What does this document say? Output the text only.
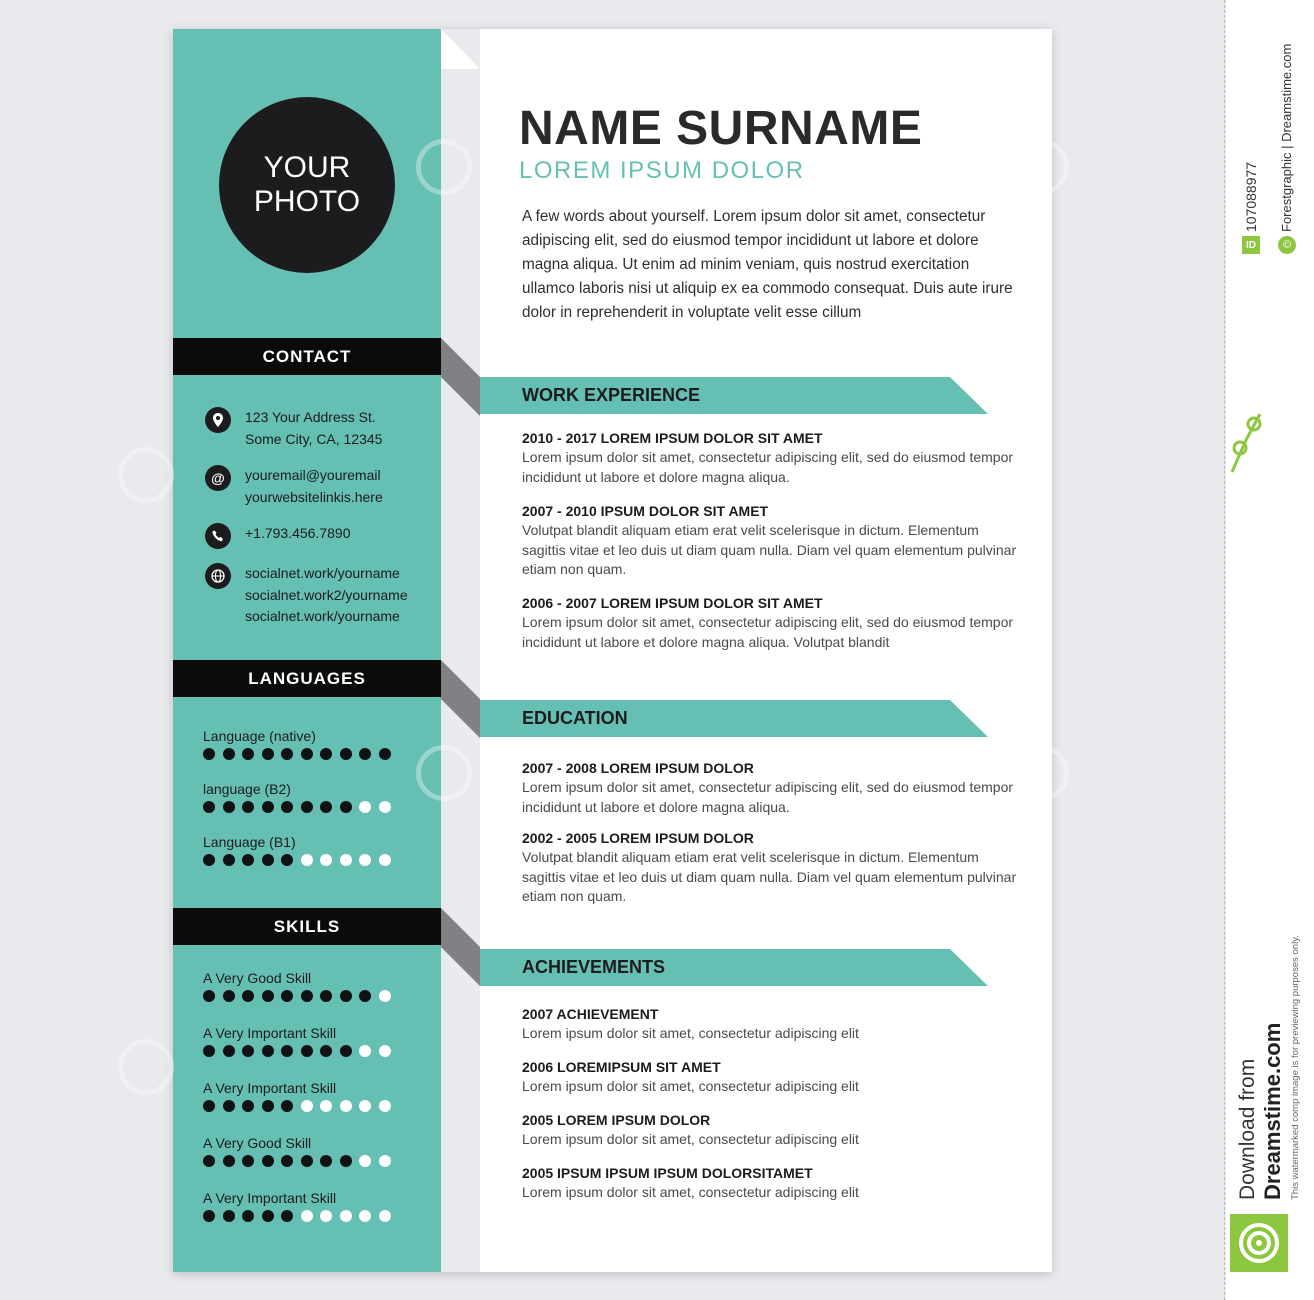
YOUR
PHOTO
CONTACT
123 Your Address St.
Some City, CA, 12345
@	youremail@youremail
yourwebsitelinkis.here
+1.793.456.7890
socialnet.work/yourname
socialnet.work2/yourname
socialnet.work/yourname
LANGUAGES
SKILLS
NAME SURNAME
LOREM IPSUM DOLOR
A few words about yourself. Lorem ipsum dolor sit amet, consectetur adipiscing elit, sed do eiusmod tempor incididunt ut labore et dolore magna aliqua. Ut enim ad minim veniam, quis nostrud exercitation ullamco laboris nisi ut aliquip ex ea commodo consequat. Duis aute irure dolor in reprehenderit in voluptate velit esse cillum
WORK EXPERIENCE
2010 - 2017 LOREM IPSUM DOLOR SIT AMET
Lorem ipsum dolor sit amet, consectetur adipiscing elit, sed do eiusmod tempor incididunt ut labore et dolore magna aliqua.
2007 - 2010 IPSUM DOLOR SIT AMET
Volutpat blandit aliquam etiam erat velit scelerisque in dictum. Elementum sagittis vitae et leo duis ut diam quam nulla. Diam vel quam elementum pulvinar etiam non quam.
2006 - 2007 LOREM IPSUM DOLOR SIT AMET
Lorem ipsum dolor sit amet, consectetur adipiscing elit, sed do eiusmod tempor incididunt ut labore et dolore magna aliqua. Volutpat blandit
EDUCATION
2007 - 2008 LOREM IPSUM DOLOR
Lorem ipsum dolor sit amet, consectetur adipiscing elit, sed do eiusmod tempor incididunt ut labore et dolore magna aliqua.
2002 - 2005 LOREM IPSUM DOLOR
Volutpat blandit aliquam etiam erat velit scelerisque in dictum. Elementum sagittis vitae et leo duis ut diam quam nulla. Diam vel quam elementum pulvinar etiam non quam.
ACHIEVEMENTS
2007 ACHIEVEMENT
Lorem ipsum dolor sit amet, consectetur adipiscing elit
2006 LOREMIPSUM SIT AMET
Lorem ipsum dolor sit amet, consectetur adipiscing elit
2005 LOREM IPSUM DOLOR
Lorem ipsum dolor sit amet, consectetur adipiscing elit
2005 IPSUM IPSUM IPSUM DOLORSITAMET
Lorem ipsum dolor sit amet, consectetur adipiscing elit
Language (native)
language (B2)
Language (B1)
A Very Good Skill
A Very Important Skill
A Very Important Skill
A Very Good Skill
A Very Important Skill
ID
107088977
©
Forestgraphic | Dreamstime.com
This watermarked comp image is for previewing purposes only.
Download from Dreamstime.com
